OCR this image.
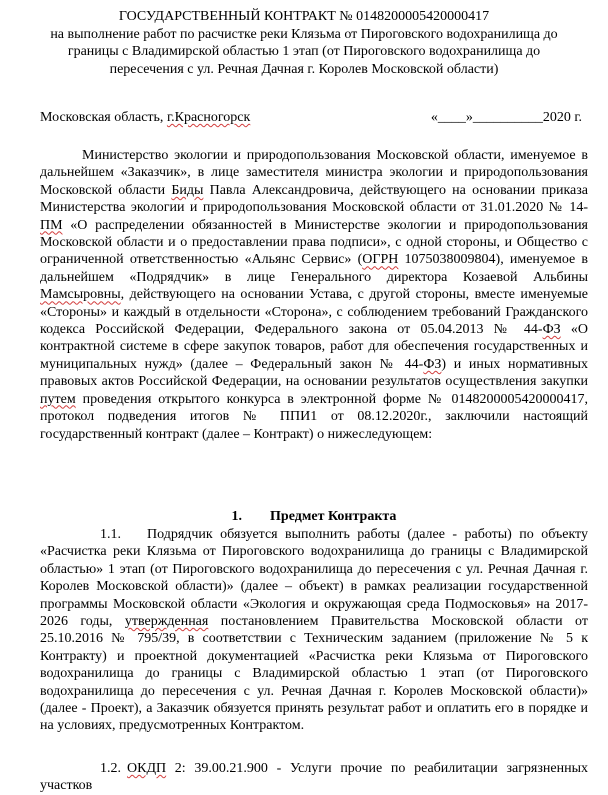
ГОСУДАРСТВЕННЫЙ КОНТРАКТ № 0148200005420000417
на выполнение работ по расчистке реки Клязьма от Пироговского водохранилища до границы с Владимирской областью 1 этап (от Пироговского водохранилища до пересечения с ул. Речная Дачная г. Королев Московской области)
Московская область, г.Красногорск	«____»__________2020 г.
Министерство экологии и природопользования Московской области, именуемое в дальнейшем «Заказчик», в лице заместителя министра экологии и природопользования Московской области Биды Павла Александровича, действующего на основании приказа Министерства экологии и природопользования Московской области от 31.01.2020 № 14-ПМ «О распределении обязанностей в Министерстве экологии и природопользования Московской области и о предоставлении права подписи», с одной стороны, и Общество с ограниченной ответственностью «Альянс Сервис» (ОГРН 1075038009804), именуемое в дальнейшем «Подрядчик» в лице Генерального директора Козаевой Альбины Мамсыровны, действующего на основании Устава, с другой стороны, вместе именуемые «Стороны» и каждый в отдельности «Сторона», с соблюдением требований Гражданского кодекса Российской Федерации, Федерального закона от 05.04.2013 № 44-ФЗ «О контрактной системе в сфере закупок товаров, работ для обеспечения государственных и муниципальных нужд» (далее – Федеральный закон № 44-ФЗ) и иных нормативных правовых актов Российской Федерации, на основании результатов осуществления закупки путем проведения открытого конкурса в электронной форме № 0148200005420000417, протокол подведения итогов № ППИ1 от 08.12.2020г., заключили настоящий государственный контракт (далее – Контракт) о нижеследующем:
1. Предмет Контракта
1.1. Подрядчик обязуется выполнить работы (далее - работы) по объекту «Расчистка реки Клязьма от Пироговского водохранилища до границы с Владимирской областью» 1 этап (от Пироговского водохранилища до пересечения с ул. Речная Дачная г. Королев Московской области)» (далее – объект) в рамках реализации государственной программы Московской области «Экология и окружающая среда Подмосковья» на 2017-2026 годы, утвержденная постановлением Правительства Московской области от 25.10.2016 № 795/39, в соответствии с Техническим заданием (приложение № 5 к Контракту) и проектной документацией «Расчистка реки Клязьма от Пироговского водохранилища до границы с Владимирской областью 1 этап (от Пироговского водохранилища до пересечения с ул. Речная Дачная г. Королев Московской области)» (далее - Проект), а Заказчик обязуется принять результат работ и оплатить его в порядке и на условиях, предусмотренных Контрактом.
1.2. ОКДП 2: 39.00.21.900 - Услуги прочие по реабилитации загрязненных участков
